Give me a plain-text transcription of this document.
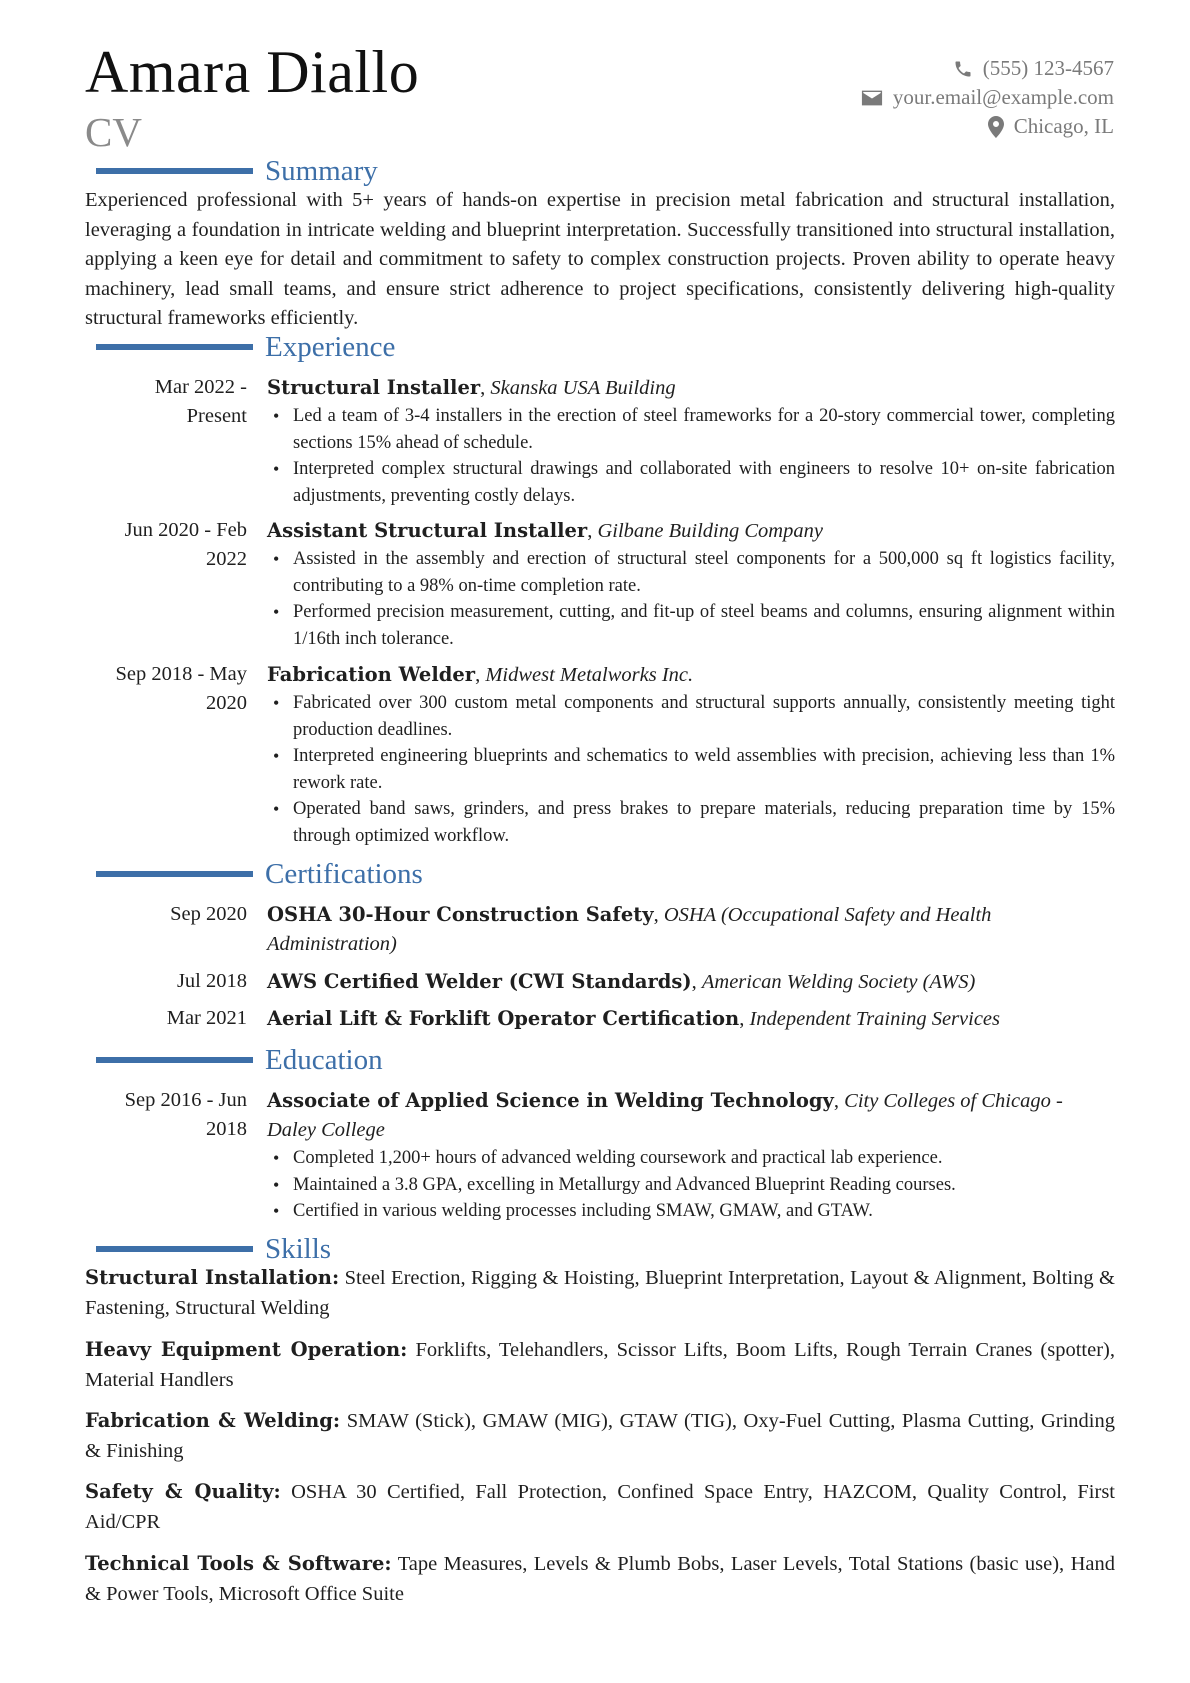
Amara Diallo
CV
(555) 123-4567
your.email@example.com
Chicago, IL
Summary
Experienced professional with 5+ years of hands-on expertise in precision metal fabrication and structural installation, leveraging a foundation in intricate welding and blueprint interpretation. Successfully transitioned into structural installation, applying a keen eye for detail and commitment to safety to complex construction projects. Proven ability to operate heavy machinery, lead small teams, and ensure strict adherence to project specifications, consistently delivering high-quality structural frameworks efficiently.
Experience
Mar 2022 -
Present
Structural Installer, Skanska USA Building
• Led a team of 3-4 installers in the erection of steel frameworks for a 20-story commercial tower, completing sections 15% ahead of schedule.
• Interpreted complex structural drawings and collaborated with engineers to resolve 10+ on-site fabrication adjustments, preventing costly delays.
Jun 2020 - Feb
2022
Assistant Structural Installer, Gilbane Building Company
• Assisted in the assembly and erection of structural steel components for a 500,000 sq ft logistics facility, contributing to a 98% on-time completion rate.
• Performed precision measurement, cutting, and fit-up of steel beams and columns, ensuring alignment within 1/16th inch tolerance.
Sep 2018 - May
2020
Fabrication Welder, Midwest Metalworks Inc.
• Fabricated over 300 custom metal components and structural supports annually, consistently meeting tight production deadlines.
• Interpreted engineering blueprints and schematics to weld assemblies with precision, achieving less than 1% rework rate.
• Operated band saws, grinders, and press brakes to prepare materials, reducing preparation time by 15% through optimized workflow.
Certifications
Sep 2020 OSHA 30-Hour Construction Safety, OSHA (Occupational Safety and Health Administration)
Jul 2018 AWS Certified Welder (CWI Standards), American Welding Society (AWS)
Mar 2021 Aerial Lift & Forklift Operator Certification, Independent Training Services
Education
Sep 2016 - Jun
2018
Associate of Applied Science in Welding Technology, City Colleges of Chicago - Daley College
• Completed 1,200+ hours of advanced welding coursework and practical lab experience.
• Maintained a 3.8 GPA, excelling in Metallurgy and Advanced Blueprint Reading courses.
• Certified in various welding processes including SMAW, GMAW, and GTAW.
Skills
Structural Installation: Steel Erection, Rigging & Hoisting, Blueprint Interpretation, Layout & Alignment, Bolting & Fastening, Structural Welding
Heavy Equipment Operation: Forklifts, Telehandlers, Scissor Lifts, Boom Lifts, Rough Terrain Cranes (spotter), Material Handlers
Fabrication & Welding: SMAW (Stick), GMAW (MIG), GTAW (TIG), Oxy-Fuel Cutting, Plasma Cutting, Grinding & Finishing
Safety & Quality: OSHA 30 Certified, Fall Protection, Confined Space Entry, HAZCOM, Quality Control, First Aid/CPR
Technical Tools & Software: Tape Measures, Levels & Plumb Bobs, Laser Levels, Total Stations (basic use), Hand & Power Tools, Microsoft Office Suite
